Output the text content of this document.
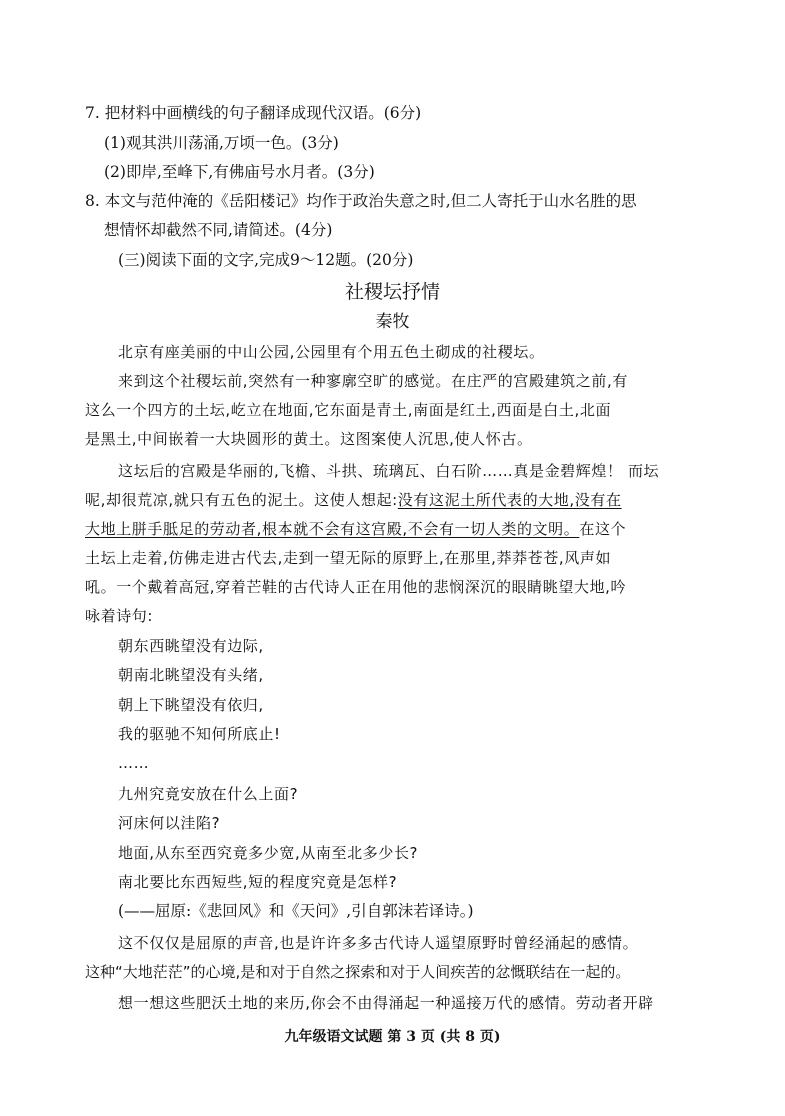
7. 把材料中画横线的句子翻译成现代汉语。(6分)
(1)观其洪川荡涌,万顷一色。(3分)
(2)即岸,至峰下,有佛庙号水月者。(3分)
8. 本文与范仲淹的《岳阳楼记》均作于政治失意之时,但二人寄托于山水名胜的思
想情怀却截然不同,请简述。(4分)
(三)阅读下面的文字,完成9～12题。(20分)
社稷坛抒情
秦牧
北京有座美丽的中山公园,公园里有个用五色土砌成的社稷坛。
来到这个社稷坛前,突然有一种寥廓空旷的感觉。在庄严的宫殿建筑之前,有
这么一个四方的土坛,屹立在地面,它东面是青土,南面是红土,西面是白土,北面
是黑土,中间嵌着一大块圆形的黄土。这图案使人沉思,使人怀古。
这坛后的宫殿是华丽的,飞檐、斗拱、琉璃瓦、白石阶……真是金碧辉煌！ 而坛
呢,却很荒凉,就只有五色的泥土。这使人想起:没有这泥土所代表的大地,没有在
大地上胼手胝足的劳动者,根本就不会有这宫殿,不会有一切人类的文明。在这个
土坛上走着,仿佛走进古代去,走到一望无际的原野上,在那里,莽莽苍苍,风声如
吼。一个戴着高冠,穿着芒鞋的古代诗人正在用他的悲悯深沉的眼睛眺望大地,吟
咏着诗句:
朝东西眺望没有边际,
朝南北眺望没有头绪,
朝上下眺望没有依归,
我的驱驰不知何所底止!
……
九州究竟安放在什么上面?
河床何以洼陷?
地面,从东至西究竟多少宽,从南至北多少长?
南北要比东西短些,短的程度究竟是怎样?
(——屈原:《悲回风》和《天问》,引自郭沫若译诗。)
这不仅仅是屈原的声音,也是许许多多古代诗人遥望原野时曾经涌起的感情。
这种“大地茫茫”的心境,是和对于自然之探索和对于人间疾苦的忿慨联结在一起的。
想一想这些肥沃土地的来历,你会不由得涌起一种遥接万代的感情。劳动者开辟
九年级语文试题 第 3 页 (共 8 页)
